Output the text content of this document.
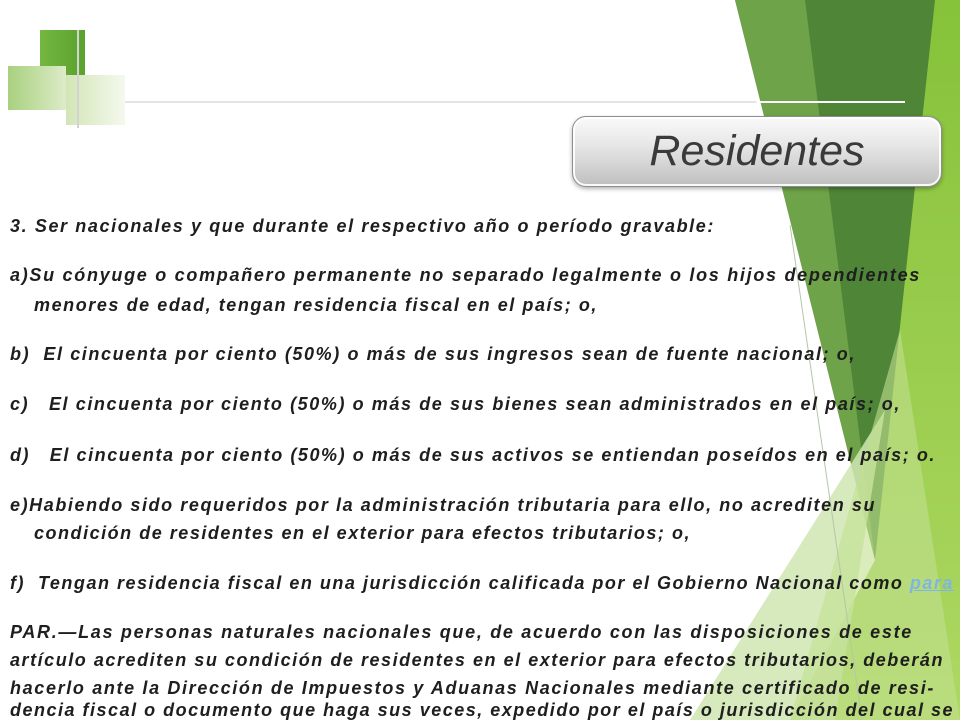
Residentes
3. Ser nacionales y que durante el respectivo año o período gravable:
a)Su cónyuge o compañero permanente no separado legalmente o los hijos dependientes
menores de edad, tengan residencia fiscal en el país; o,
b)  El cincuenta por ciento (50%) o más de sus ingresos sean de fuente nacional; o,
c)   El cincuenta por ciento (50%) o más de sus bienes sean administrados en el país; o,
d)   El cincuenta por ciento (50%) o más de sus activos se entiendan poseídos en el país; o.
e)Habiendo sido requeridos por la administración tributaria para ello, no acrediten su
condición de residentes en el exterior para efectos tributarios; o,
f)  Tengan residencia fiscal en una jurisdicción calificada por el Gobierno Nacional como para
PAR.—Las personas naturales nacionales que, de acuerdo con las disposiciones de este
artículo acrediten su condición de residentes en el exterior para efectos tributarios, deberán
hacerlo ante la Dirección de Impuestos y Aduanas Nacionales mediante certificado de resi-
dencia fiscal o documento que haga sus veces, expedido por el país o jurisdicción del cual se
